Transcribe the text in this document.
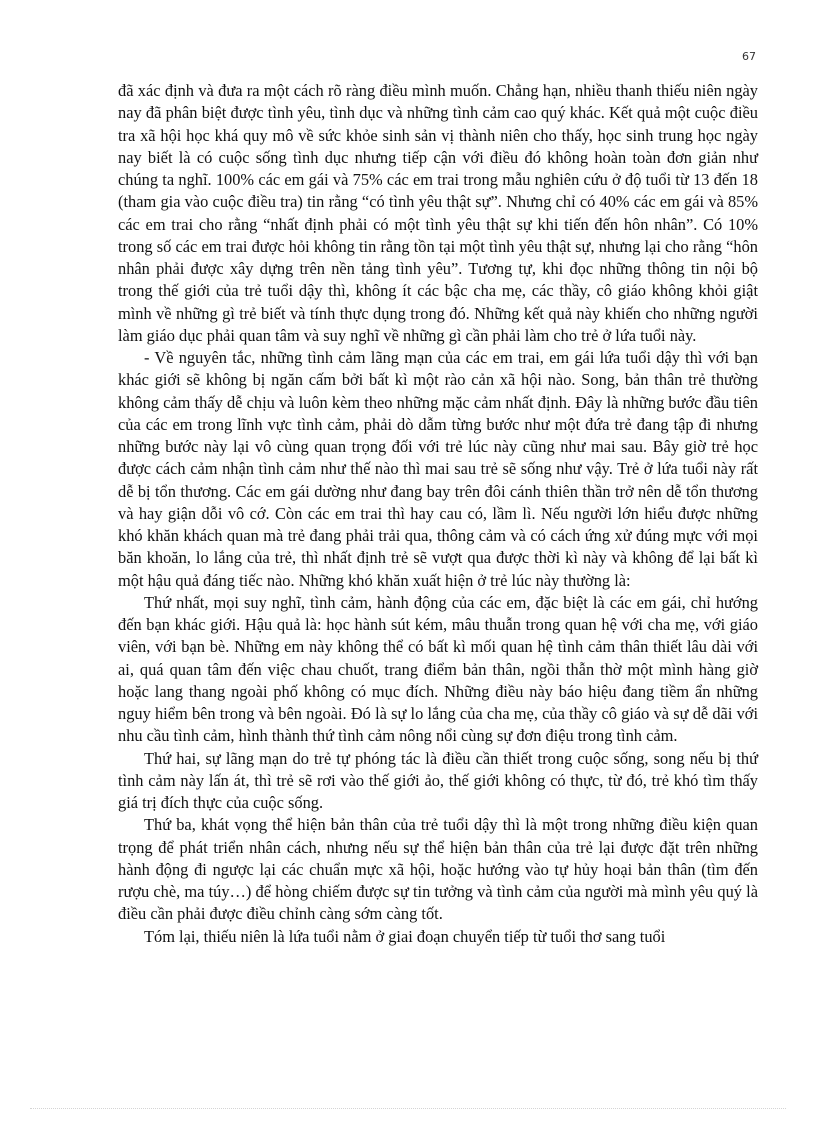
67

đã xác định và đưa ra một cách rõ ràng điều mình muốn. Chẳng hạn, nhiều thanh thiếu niên ngày nay đã phân biệt được tình yêu, tình dục và những tình cảm cao quý khác. Kết quả một cuộc điều tra xã hội học khá quy mô về sức khỏe sinh sản vị thành niên cho thấy, học sinh trung học ngày nay biết là có cuộc sống tình dục nhưng tiếp cận với điều đó không hoàn toàn đơn giản như chúng ta nghĩ. 100% các em gái và 75% các em trai trong mẫu nghiên cứu ở độ tuổi từ 13 đến 18 (tham gia vào cuộc điều tra) tin rằng “có tình yêu thật sự”. Nhưng chỉ có 40% các em gái và 85% các em trai cho rằng “nhất định phải có một tình yêu thật sự khi tiến đến hôn nhân”. Có 10% trong số các em trai được hỏi không tin rằng tồn tại một tình yêu thật sự, nhưng lại cho rằng “hôn nhân phải được xây dựng trên nền tảng tình yêu”. Tương tự, khi đọc những thông tin nội bộ trong thế giới của trẻ tuổi dậy thì, không ít các bậc cha mẹ, các thầy, cô giáo không khỏi giật mình về những gì trẻ biết và tính thực dụng trong đó. Những kết quả này khiến cho những người làm giáo dục phải quan tâm và suy nghĩ về những gì cần phải làm cho trẻ ở lứa tuổi này.

- Về nguyên tắc, những tình cảm lãng mạn của các em trai, em gái lứa tuổi dậy thì với bạn khác giới sẽ không bị ngăn cấm bởi bất kì một rào cản xã hội nào. Song, bản thân trẻ thường không cảm thấy dễ chịu và luôn kèm theo những mặc cảm nhất định. Đây là những bước đầu tiên của các em trong lĩnh vực tình cảm, phải dò dẫm từng bước như một đứa trẻ đang tập đi nhưng những bước này lại vô cùng quan trọng đối với trẻ lúc này cũng như mai sau. Bây giờ trẻ học được cách cảm nhận tình cảm như thế nào thì mai sau trẻ sẽ sống như vậy. Trẻ ở lứa tuổi này rất dễ bị tổn thương. Các em gái dường như đang bay trên đôi cánh thiên thần trở nên dễ tổn thương và hay giận dỗi vô cớ. Còn các em trai thì hay cau có, lầm lì. Nếu người lớn hiểu được những khó khăn khách quan mà trẻ đang phải trải qua, thông cảm và có cách ứng xử đúng mực với mọi băn khoăn, lo lắng của trẻ, thì nhất định trẻ sẽ vượt qua được thời kì này và không để lại bất kì một hậu quả đáng tiếc nào. Những khó khăn xuất hiện ở trẻ lúc này thường là:

Thứ nhất, mọi suy nghĩ, tình cảm, hành động của các em, đặc biệt là các em gái, chỉ hướng đến bạn khác giới. Hậu quả là: học hành sút kém, mâu thuẫn trong quan hệ với cha mẹ, với giáo viên, với bạn bè. Những em này không thể có bất kì mối quan hệ tình cảm thân thiết lâu dài với ai, quá quan tâm đến việc chau chuốt, trang điểm bản thân, ngồi thẫn thờ một mình hàng giờ hoặc lang thang ngoài phố không có mục đích. Những điều này báo hiệu đang tiềm ẩn những nguy hiểm bên trong và bên ngoài. Đó là sự lo lắng của cha mẹ, của thầy cô giáo và sự dễ dãi với nhu cầu tình cảm, hình thành thứ tình cảm nông nổi cùng sự đơn điệu trong tình cảm.

Thứ hai, sự lãng mạn do trẻ tự phóng tác là điều cần thiết trong cuộc sống, song nếu bị thứ tình cảm này lấn át, thì trẻ sẽ rơi vào thế giới ảo, thế giới không có thực, từ đó, trẻ khó tìm thấy giá trị đích thực của cuộc sống.

Thứ ba, khát vọng thể hiện bản thân của trẻ tuổi dậy thì là một trong những điều kiện quan trọng để phát triển nhân cách, nhưng nếu sự thể hiện bản thân của trẻ lại được đặt trên những hành động đi ngược lại các chuẩn mực xã hội, hoặc hướng vào tự hủy hoại bản thân (tìm đến rượu chè, ma túy…) để hòng chiếm được sự tin tưởng và tình cảm của người mà mình yêu quý là điều cần phải được điều chỉnh càng sớm càng tốt.

Tóm lại, thiếu niên là lứa tuổi nằm ở giai đoạn chuyển tiếp từ tuổi thơ sang tuổi
